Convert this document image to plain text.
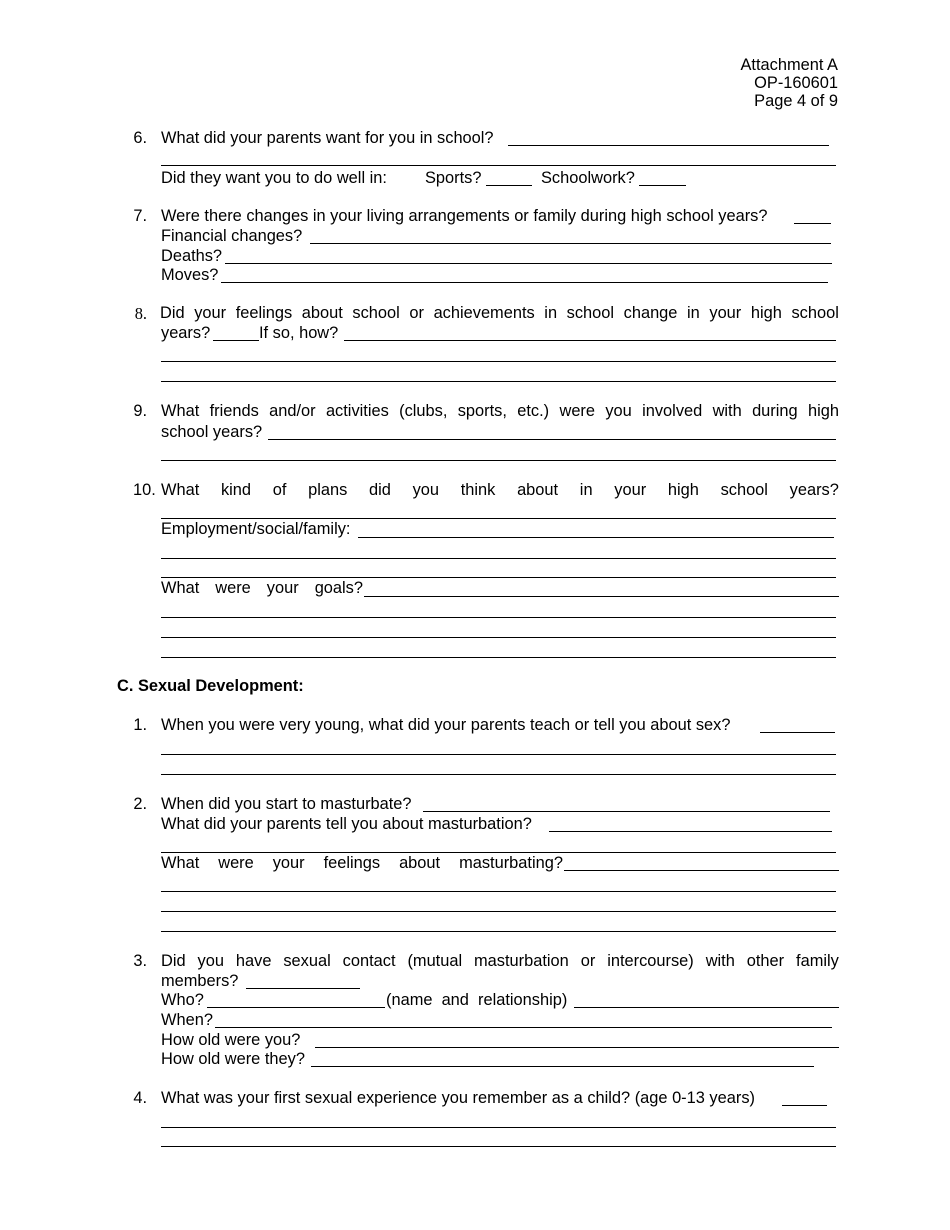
Attachment A
OP-160601
Page 4 of 9
6. What did your parents want for you in school?
Did they want you to do well in: Sports?	Schoolwork?
7. Were there changes in your living arrangements or family during high school years?
Financial changes?
Deaths?
Moves?
8. Did your feelings about school or achievements in school change in your high school
years?	If so, how?
9. What friends and/or activities (clubs, sports, etc.) were you involved with during high
school years?
10. What kind of plans did you think about in your high school years?
Employment/social/family:
What were your goals?
C. Sexual Development:
1. When you were very young, what did your parents teach or tell you about sex?
2. When did you start to masturbate?
What did your parents tell you about masturbation?
What were your feelings about masturbating?
3. Did you have sexual contact (mutual masturbation or intercourse) with other family
members?
Who?	(name  and  relationship)
When?
How old were you?
How old were they?
4. What was your first sexual experience you remember as a child? (age 0-13 years)
